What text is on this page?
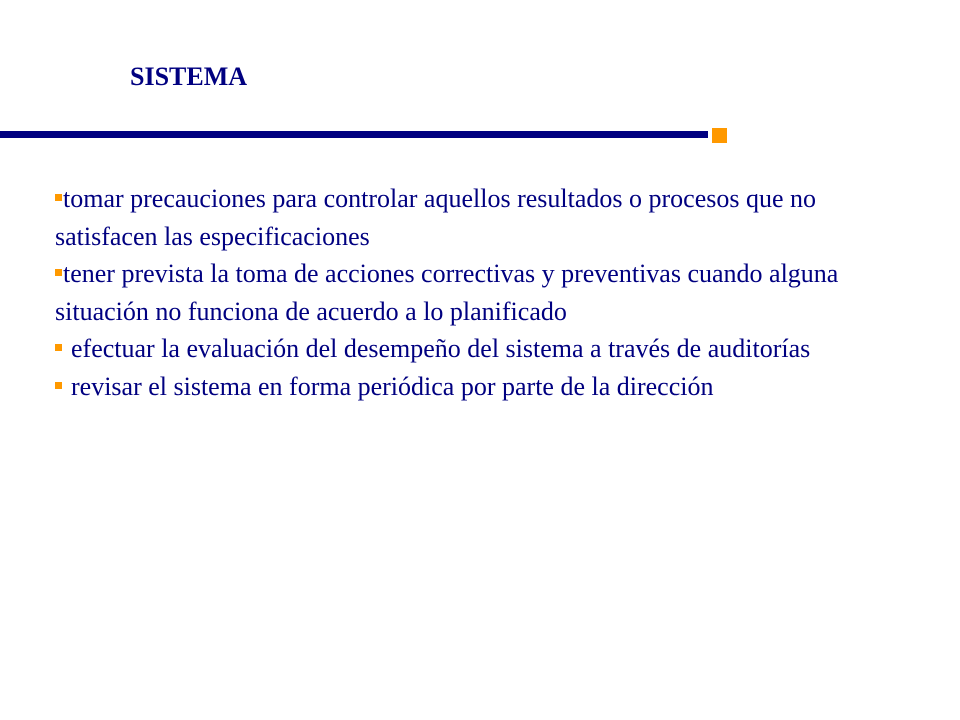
SISTEMA
tomar precauciones para controlar aquellos resultados o procesos que no satisfacen las especificaciones
tener prevista la toma de acciones correctivas y preventivas cuando alguna situación no funciona de acuerdo a lo planificado
efectuar la evaluación del desempeño del sistema a través de auditorías
revisar el sistema en forma periódica por parte de la dirección
